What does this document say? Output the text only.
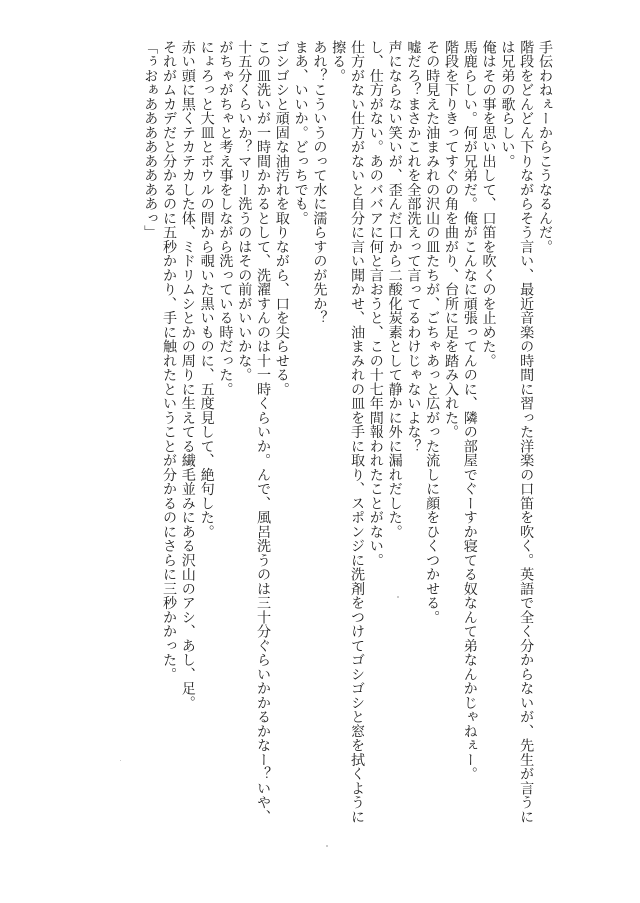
手伝わねぇーからこうなるんだ。
階段をどんどん下りながらそう言い、最近音楽の時間に習った洋楽の口笛を吹く。英語で全く分からないが、先生が言うには兄弟の歌らしい。
俺はその事を思い出して、口笛を吹くのを止めた。
馬鹿らしい。何が兄弟だ。俺がこんなに頑張ってんのに、隣の部屋でぐーすか寝てる奴なんて弟なんかじゃねぇー。
階段を下りきってすぐの角を曲がり、台所に足を踏み入れた。
その時見えた油まみれの沢山の皿たちが、ごちゃあっと広がった流しに顔をひくつかせる。
嘘だろ？まさかこれを全部洗えって言ってるわけじゃないよな？
声にならない笑いが、歪んだ口から二酸化炭素として静かに外に漏れだした。
し、仕方がない。あのババアに何と言おうと、この十七年間報われたことがない。
仕方がない仕方がないと自分に言い聞かせ、油まみれの皿を手に取り、スポンジに洗剤をつけてゴシゴシと窓を拭くように擦る。
あれ？こういうのって水に濡らすのが先か？
まあ、いいか。どっちでも。
ゴシゴシと頑固な油汚れを取りながら、口を尖らせる。
この皿洗いが一時間かかるとして、洗濯すんのは十一時くらいか。んで、風呂洗うのは三十分ぐらいかかるかなー？いや、十五分くらいか？マリー洗うのはその前がいいかな。
がちゃがちゃと考え事をしながら洗っている時だった。
にょろっと大皿とボウルの間から覗いた黒いものに、五度見して、絶句した。
赤い頭に黒くテカテカした体、ミドリムシとかの周りに生えてる繊毛並みにある沢山のアシ、あし、足。
それがムカデだと分かるのに五秒かかり、手に触れたということが分かるのにさらに三秒かかった。
「ぅおぁああああああああっ」
